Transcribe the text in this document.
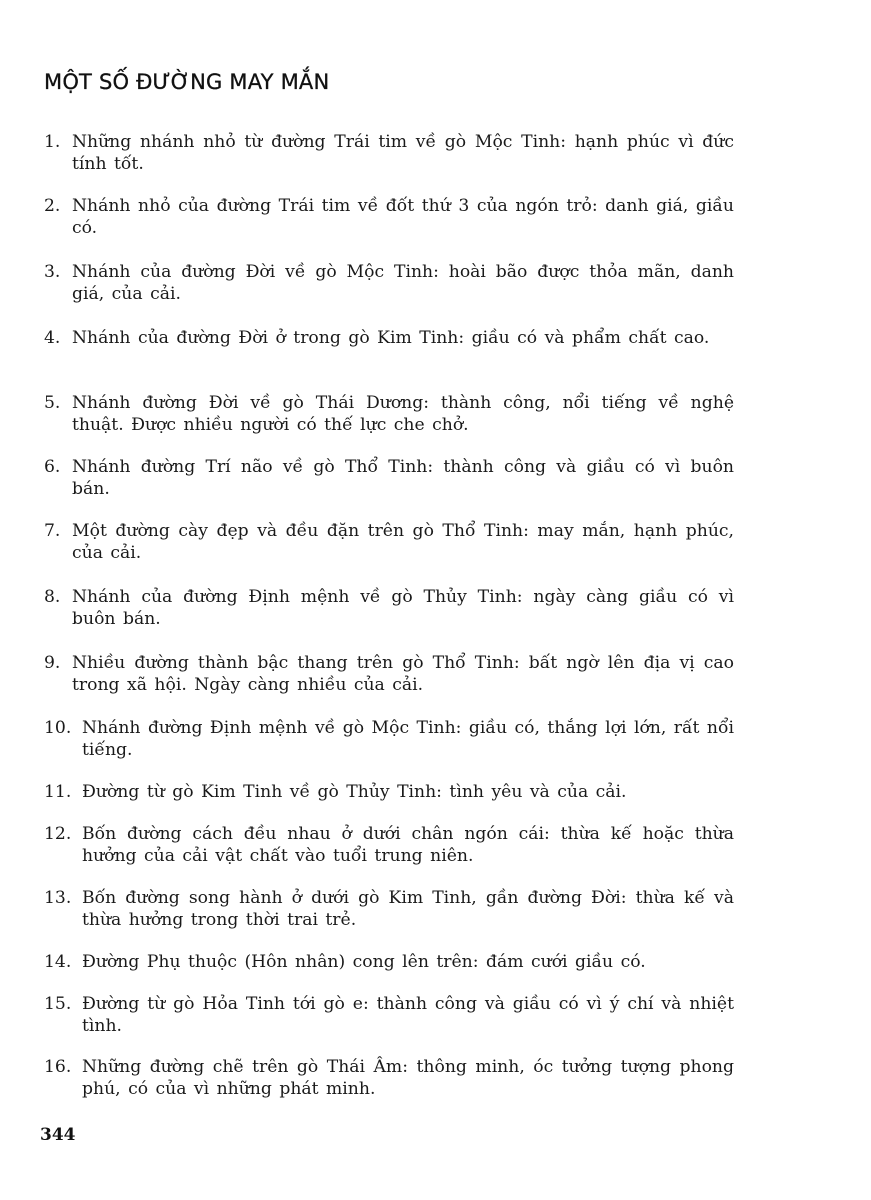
MỘT SỐ ĐƯỜNG MAY MẮN
1. Những nhánh nhỏ từ đường Trái tim về gò Mộc Tinh: hạnh phúc vì đức tính tốt.
2. Nhánh nhỏ của đường Trái tim về đốt thứ 3 của ngón trỏ: danh giá, giầu có.
3. Nhánh của đường Đời về gò Mộc Tinh: hoài bão được thỏa mãn, danh giá, của cải.
4. Nhánh của đường Đời ở trong gò Kim Tinh: giầu có và phẩm chất cao.
5. Nhánh đường Đời về gò Thái Dương: thành công, nổi tiếng về nghệ thuật. Được nhiều người có thế lực che chở.
6. Nhánh đường Trí não về gò Thổ Tinh: thành công và giầu có vì buôn bán.
7. Một đường cày đẹp và đều đặn trên gò Thổ Tinh: may mắn, hạnh phúc, của cải.
8. Nhánh của đường Định mệnh về gò Thủy Tinh: ngày càng giầu có vì buôn bán.
9. Nhiều đường thành bậc thang trên gò Thổ Tinh: bất ngờ lên địa vị cao trong xã hội. Ngày càng nhiều của cải.
10. Nhánh đường Định mệnh về gò Mộc Tinh: giầu có, thắng lợi lớn, rất nổi tiếng.
11. Đường từ gò Kim Tinh về gò Thủy Tinh: tình yêu và của cải.
12. Bốn đường cách đều nhau ở dưới chân ngón cái: thừa kế hoặc thừa hưởng của cải vật chất vào tuổi trung niên.
13. Bốn đường song hành ở dưới gò Kim Tinh, gần đường Đời: thừa kế và thừa hưởng trong thời trai trẻ.
14. Đường Phụ thuộc (Hôn nhân) cong lên trên: đám cưới giầu có.
15. Đường từ gò Hỏa Tinh tới gò e: thành công và giầu có vì ý chí và nhiệt tình.
16. Những đường chẽ trên gò Thái Âm: thông minh, óc tưởng tượng phong phú, có của vì những phát minh.
344
